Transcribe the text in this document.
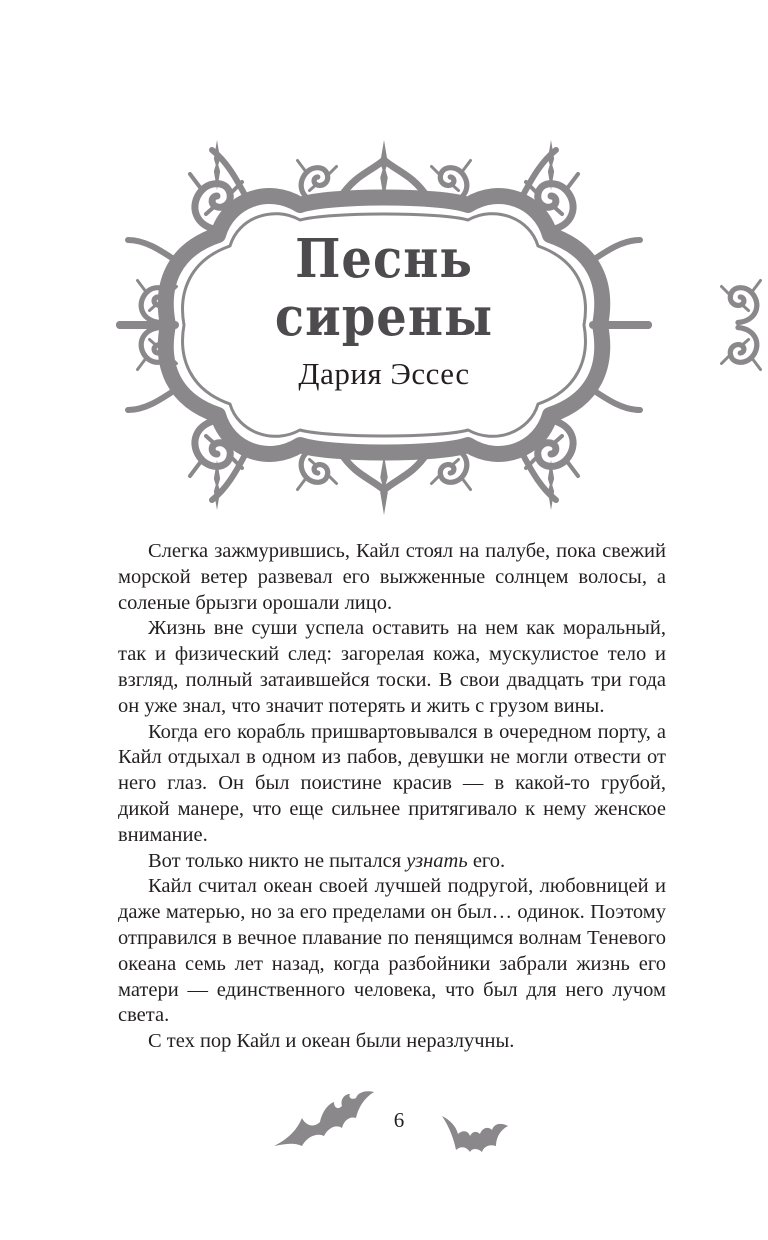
Песнь
сирены
Дария Эссес

Слегка зажмурившись, Кайл стоял на палубе, пока свежий морской ветер развевал его выжженные солнцем волосы, а соленые брызги орошали лицо.

Жизнь вне суши успела оставить на нем как моральный, так и физический след: загорелая кожа, мускулистое тело и взгляд, полный затаившейся тоски. В свои двадцать три года он уже знал, что значит потерять и жить с грузом вины.

Когда его корабль пришвартовывался в очередном порту, а Кайл отдыхал в одном из пабов, девушки не могли отвести от него глаз. Он был поистине красив — в какой-то грубой, дикой манере, что еще сильнее притягивало к нему женское внимание.

Вот только никто не пытался узнать его.

Кайл считал океан своей лучшей подругой, любовницей и даже матерью, но за его пределами он был… одинок. Поэтому отправился в вечное плавание по пенящимся волнам Теневого океана семь лет назад, когда разбойники забрали жизнь его матери — единственного человека, что был для него лучом света.

С тех пор Кайл и океан были неразлучны.

6
